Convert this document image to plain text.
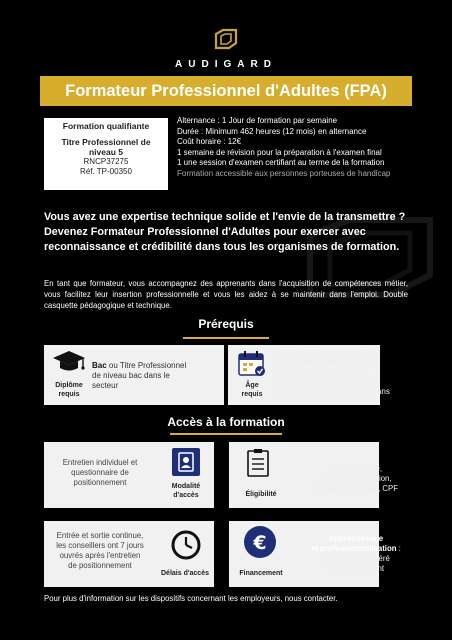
AUDIGARD
Formateur Professionnel d'Adultes (FPA)
Formation qualifiante
Titre Professionnel de
niveau 5
RNCP37275
Réf. TP-00350
Alternance : 1 Jour de formation par semaine
Durée : Minimum 462 heures (12 mois) en alternance
Coût horaire : 12€
1 semaine de révision pour la préparation à l'examen final
1 une session d'examen certifiant au terme de la formation
Formation accessible aux personnes porteuses de handicap
Vous avez une expertise technique solide et l'envie de la transmettre ? Devenez Formateur Professionnel d'Adultes pour exercer avec reconnaissance et crédibilité dans tous les organismes de formation.
En tant que formateur, vous accompagnez des apprenants dans l'acquisition de compétences métier, vous facilitez leur insertion professionnelle et vous les aidez à se maintenir dans l'emploi. Double casquette pédagogique et technique.
Prérequis
Diplôme
requis
Bac ou Titre Professionnel
de niveau bac dans le
secteur	Âge
requis
Apprentissage : 16 à 29 ans
Professionnalisation : selon
expérience professionnelle
Action de formation : +16 ans
Demandeur d'emploi + de 26 ans
Accès à la formation
Entretien individuel et
questionnaire de
positionnement	Modalité
d'accès	Éligibilité
Apprentissage,
professionnalisation,
formation continue, CPF
Entrée et sortie continue,
les conseillers ont 7 jours
ouvrés après l'entretien
de positionnement
Délais d'accès
€
Financement
Apprentissage
et professionnalisation :
Gratuit et rémunéré
pour l'apprenant
Pour plus d'information sur les dispositifs concernant les employeurs, nous contacter.
